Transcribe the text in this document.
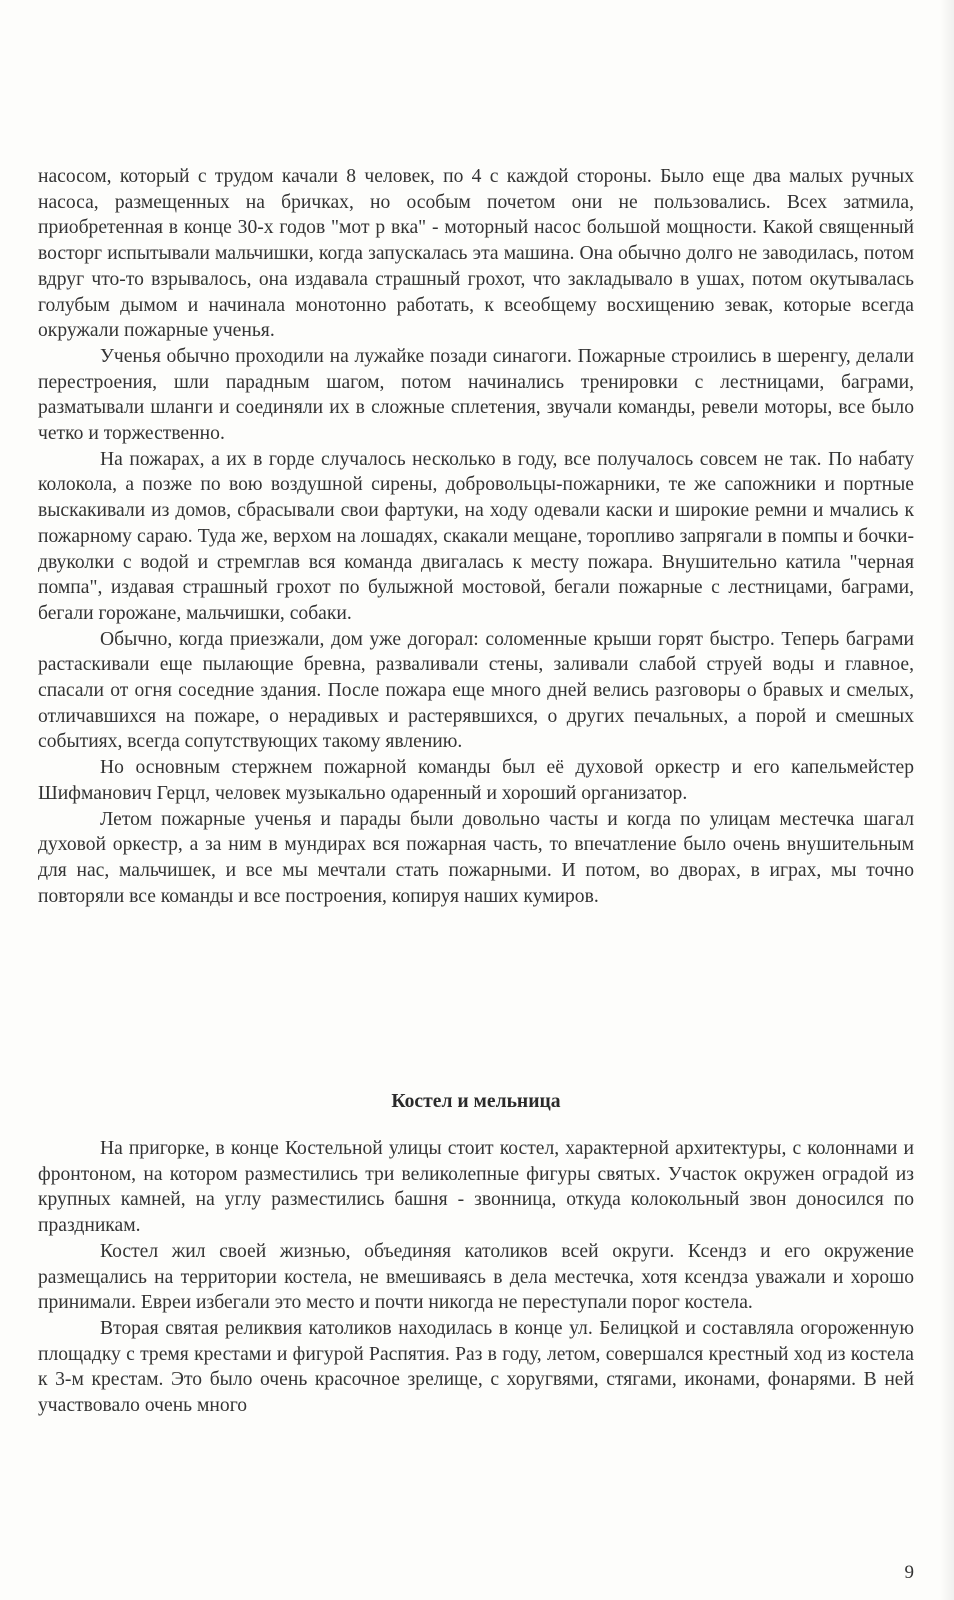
насосом, который с трудом качали 8 человек, по 4 с каждой стороны. Было еще два малых ручных насоса, размещенных на бричках, но особым почетом они не пользовались. Всех затмила, приобретенная в конце 30-х годов "мот р вка" - моторный насос большой мощности. Какой священный восторг испытывали мальчишки, когда запускалась эта машина. Она обычно долго не заводилась, потом вдруг что-то взрывалось, она издавала страшный грохот, что закладывало в ушах, потом окутывалась голубым дымом и начинала монотонно работать, к всеобщему восхищению зевак, которые всегда окружали пожарные ученья.

Ученья обычно проходили на лужайке позади синагоги. Пожарные строились в шеренгу, делали перестроения, шли парадным шагом, потом начинались тренировки с лестницами, баграми, разматывали шланги и соединяли их в сложные сплетения, звучали команды, ревели моторы, все было четко и торжественно.

На пожарах, а их в горде случалось несколько в году, все получалось совсем не так. По набату колокола, а позже по вою воздушной сирены, добровольцы-пожарники, те же сапожники и портные выскакивали из домов, сбрасывали свои фартуки, на ходу одевали каски и широкие ремни и мчались к пожарному сараю. Туда же, верхом на лошадях, скакали мещане, торопливо запрягали в помпы и бочки-двуколки с водой и стремглав вся команда двигалась к месту пожара. Внушительно катила "черная помпа", издавая страшный грохот по булыжной мостовой, бегали пожарные с лестницами, баграми, бегали горожане, мальчишки, собаки.

Обычно, когда приезжали, дом уже догорал: соломенные крыши горят быстро. Теперь баграми растаскивали еще пылающие бревна, разваливали стены, заливали слабой струей воды и главное, спасали от огня соседние здания. После пожара еще много дней велись разговоры о бравых и смелых, отличавшихся на пожаре, о нерадивых и растерявшихся, о других печальных, а порой и смешных событиях, всегда сопутствующих такому явлению.

Но основным стержнем пожарной команды был её духовой оркестр и его капельмейстер Шифманович Герцл, человек музыкально одаренный и хороший организатор.

Летом пожарные ученья и парады были довольно часты и когда по улицам местечка шагал духовой оркестр, а за ним в мундирах вся пожарная часть, то впечатление было очень внушительным для нас, мальчишек, и все мы мечтали стать пожарными. И потом, во дворах, в играх, мы точно повторяли все команды и все построения, копируя наших кумиров.

Костел и мельница

На пригорке, в конце Костельной улицы стоит костел, характерной архитектуры, с колоннами и фронтоном, на котором разместились три великолепные фигуры святых. Участок окружен оградой из крупных камней, на углу разместились башня - звонница, откуда колокольный звон доносился по праздникам.

Костел жил своей жизнью, объединяя католиков всей округи. Ксендз и его окружение размещались на территории костела, не вмешиваясь в дела местечка, хотя ксендза уважали и хорошо принимали. Евреи избегали это место и почти никогда не переступали порог костела.

Вторая святая реликвия католиков находилась в конце ул. Белицкой и составляла огороженную площадку с тремя крестами и фигурой Распятия. Раз в году, летом, совершался крестный ход из костела к 3-м крестам. Это было очень красочное зрелище, с хоругвями, стягами, иконами, фонарями. В ней участвовало очень много

9
